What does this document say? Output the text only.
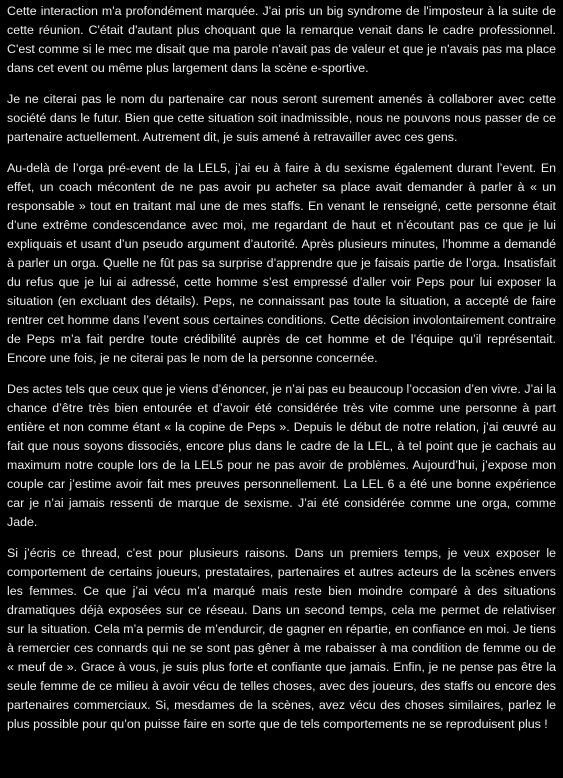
Cette interaction m'a profondément marquée. J'ai pris un big syndrome de l'imposteur à la suite de cette réunion. C'était d'autant plus choquant que la remarque venait dans le cadre professionnel. C'est comme si le mec me disait que ma parole n'avait pas de valeur et que je n'avais pas ma place dans cet event ou même plus largement dans la scène e-sportive.

Je ne citerai pas le nom du partenaire car nous seront surement amenés à collaborer avec cette société dans le futur. Bien que cette situation soit inadmissible, nous ne pouvons nous passer de ce partenaire actuellement. Autrement dit, je suis amené à retravailler avec ces gens.

Au-delà de l’orga pré-event de la LEL5, j’ai eu à faire à du sexisme également durant l’event. En effet, un coach mécontent de ne pas avoir pu acheter sa place avait demander à parler à « un responsable » tout en traitant mal une de mes staffs. En venant le renseigné, cette personne était d’une extrême condescendance avec moi, me regardant de haut et n’écoutant pas ce que je lui expliquais et usant d’un pseudo argument d’autorité. Après plusieurs minutes, l’homme a demandé à parler un orga. Quelle ne fût pas sa surprise d’apprendre que je faisais partie de l’orga. Insatisfait du refus que je lui ai adressé, cette homme s’est empressé d’aller voir Peps pour lui exposer la situation (en excluant des détails). Peps, ne connaissant pas toute la situation, a accepté de faire rentrer cet homme dans l’event sous certaines conditions. Cette décision involontairement contraire de Peps m’a fait perdre toute crédibilité auprès de cet homme et de l’équipe qu’il représentait. Encore une fois, je ne citerai pas le nom de la personne concernée.

Des actes tels que ceux que je viens d’énoncer, je n’ai pas eu beaucoup l’occasion d’en vivre. J’ai la chance d’être très bien entourée et d’avoir été considérée très vite comme une personne à part entière et non comme étant « la copine de Peps ». Depuis le début de notre relation, j’ai œuvré au fait que nous soyons dissociés, encore plus dans le cadre de la LEL, à tel point que je cachais au maximum notre couple lors de la LEL5 pour ne pas avoir de problèmes. Aujourd’hui, j’expose mon couple car j’estime avoir fait mes preuves personnellement. La LEL 6 a été une bonne expérience car je n’ai jamais ressenti de marque de sexisme. J’ai été considérée comme une orga, comme Jade.

Si j’écris ce thread, c’est pour plusieurs raisons. Dans un premiers temps, je veux exposer le comportement de certains joueurs, prestataires, partenaires et autres acteurs de la scènes envers les femmes. Ce que j’ai vécu m’a marqué mais reste bien moindre comparé à des situations dramatiques déjà exposées sur ce réseau. Dans un second temps, cela me permet de relativiser sur la situation. Cela m’a permis de m’endurcir, de gagner en répartie, en confiance en moi. Je tiens à remercier ces connards qui ne se sont pas gêner à me rabaisser à ma condition de femme ou de « meuf de ». Grace à vous, je suis plus forte et confiante que jamais. Enfin, je ne pense pas être la seule femme de ce milieu à avoir vécu de telles choses, avec des joueurs, des staffs ou encore des partenaires commerciaux. Si, mesdames de la scènes, avez vécu des choses similaires, parlez le plus possible pour qu’on puisse faire en sorte que de tels comportements ne se reproduisent plus !
